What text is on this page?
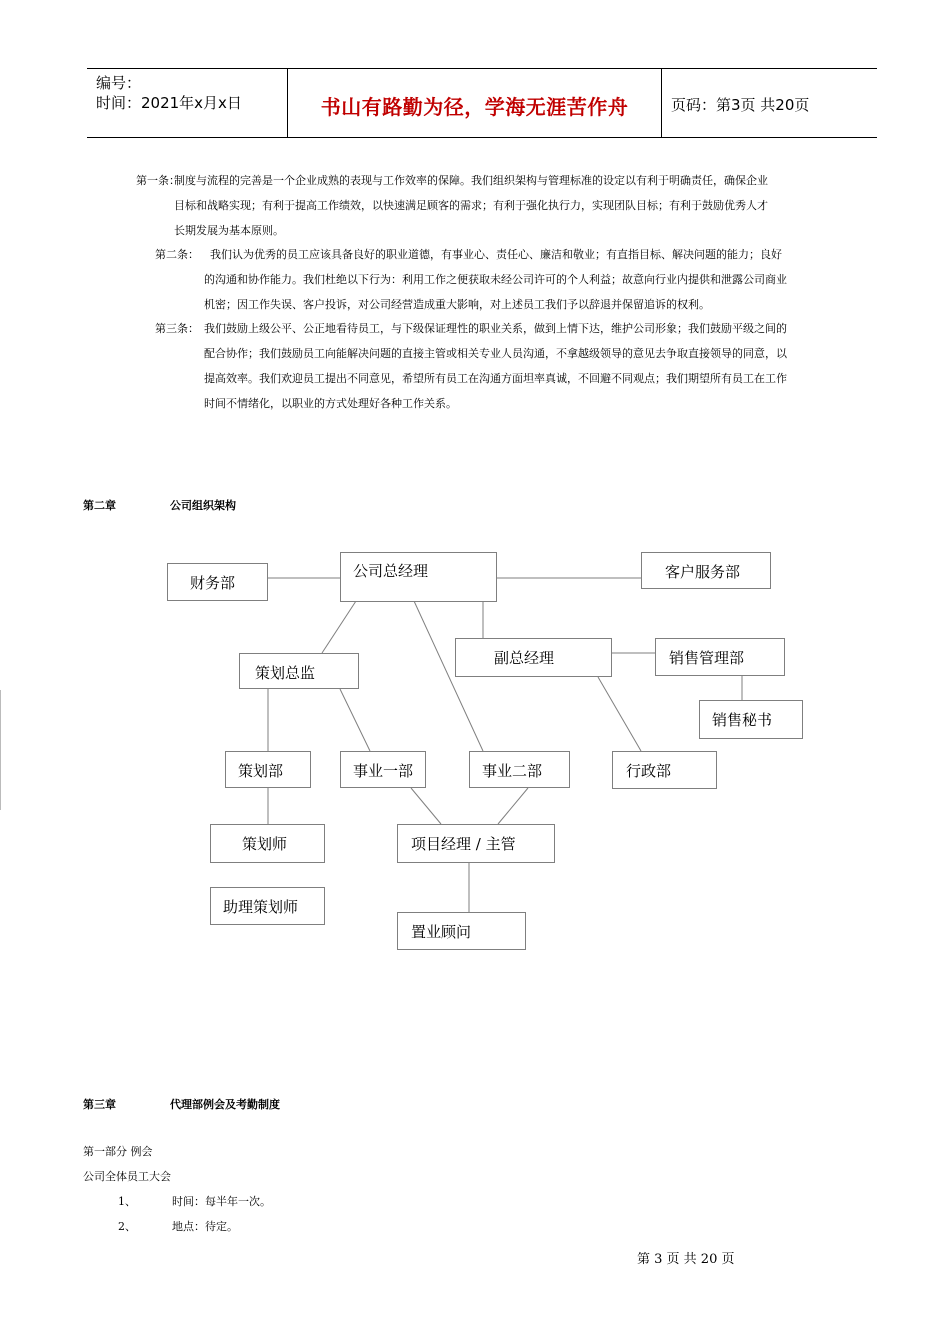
编号：
时间：2021年x月x日	书山有路勤为径，学海无涯苦作舟	页码：第3页 共20页
第一条：
制度与流程的完善是一个企业成熟的表现与工作效率的保障。我们组织架构与管理标准的设定以有利于明确责任，确保企业
目标和战略实现；有利于提高工作绩效，以快速满足顾客的需求；有利于强化执行力，实现团队目标；有利于鼓励优秀人才
长期发展为基本原则。
第二条： 我们认为优秀的员工应该具备良好的职业道德，有事业心、责任心、廉洁和敬业；有直指目标、解决问题的能力；良好
的沟通和协作能力。我们杜绝以下行为：利用工作之便获取未经公司许可的个人利益；故意向行业内提供和泄露公司商业
机密；因工作失误、客户投诉，对公司经营造成重大影响，对上述员工我们予以辞退并保留追诉的权利。
第三条： 我们鼓励上级公平、公正地看待员工，与下级保证理性的职业关系，做到上情下达，维护公司形象；我们鼓励平级之间的
配合协作；我们鼓励员工向能解决问题的直接主管或相关专业人员沟通，不拿越级领导的意见去争取直接领导的同意，以
提高效率。我们欢迎员工提出不同意见，希望所有员工在沟通方面坦率真诚，不回避不同观点；我们期望所有员工在工作
时间不情绪化，以职业的方式处理好各种工作关系。
第二章	公司组织架构
财务部
公司总经理	客户服务部
策划总监
副总经理	销售管理部
销售秘书
策划部	事业一部	事业二部	行政部
策划师	项目经理 / 主管
助理策划师
置业顾问
第三章	代理部例会及考勤制度
第一部分 例会
公司全体员工大会
1、	时间：每半年一次。
2、	地点：待定。
第 3 页 共 20 页
